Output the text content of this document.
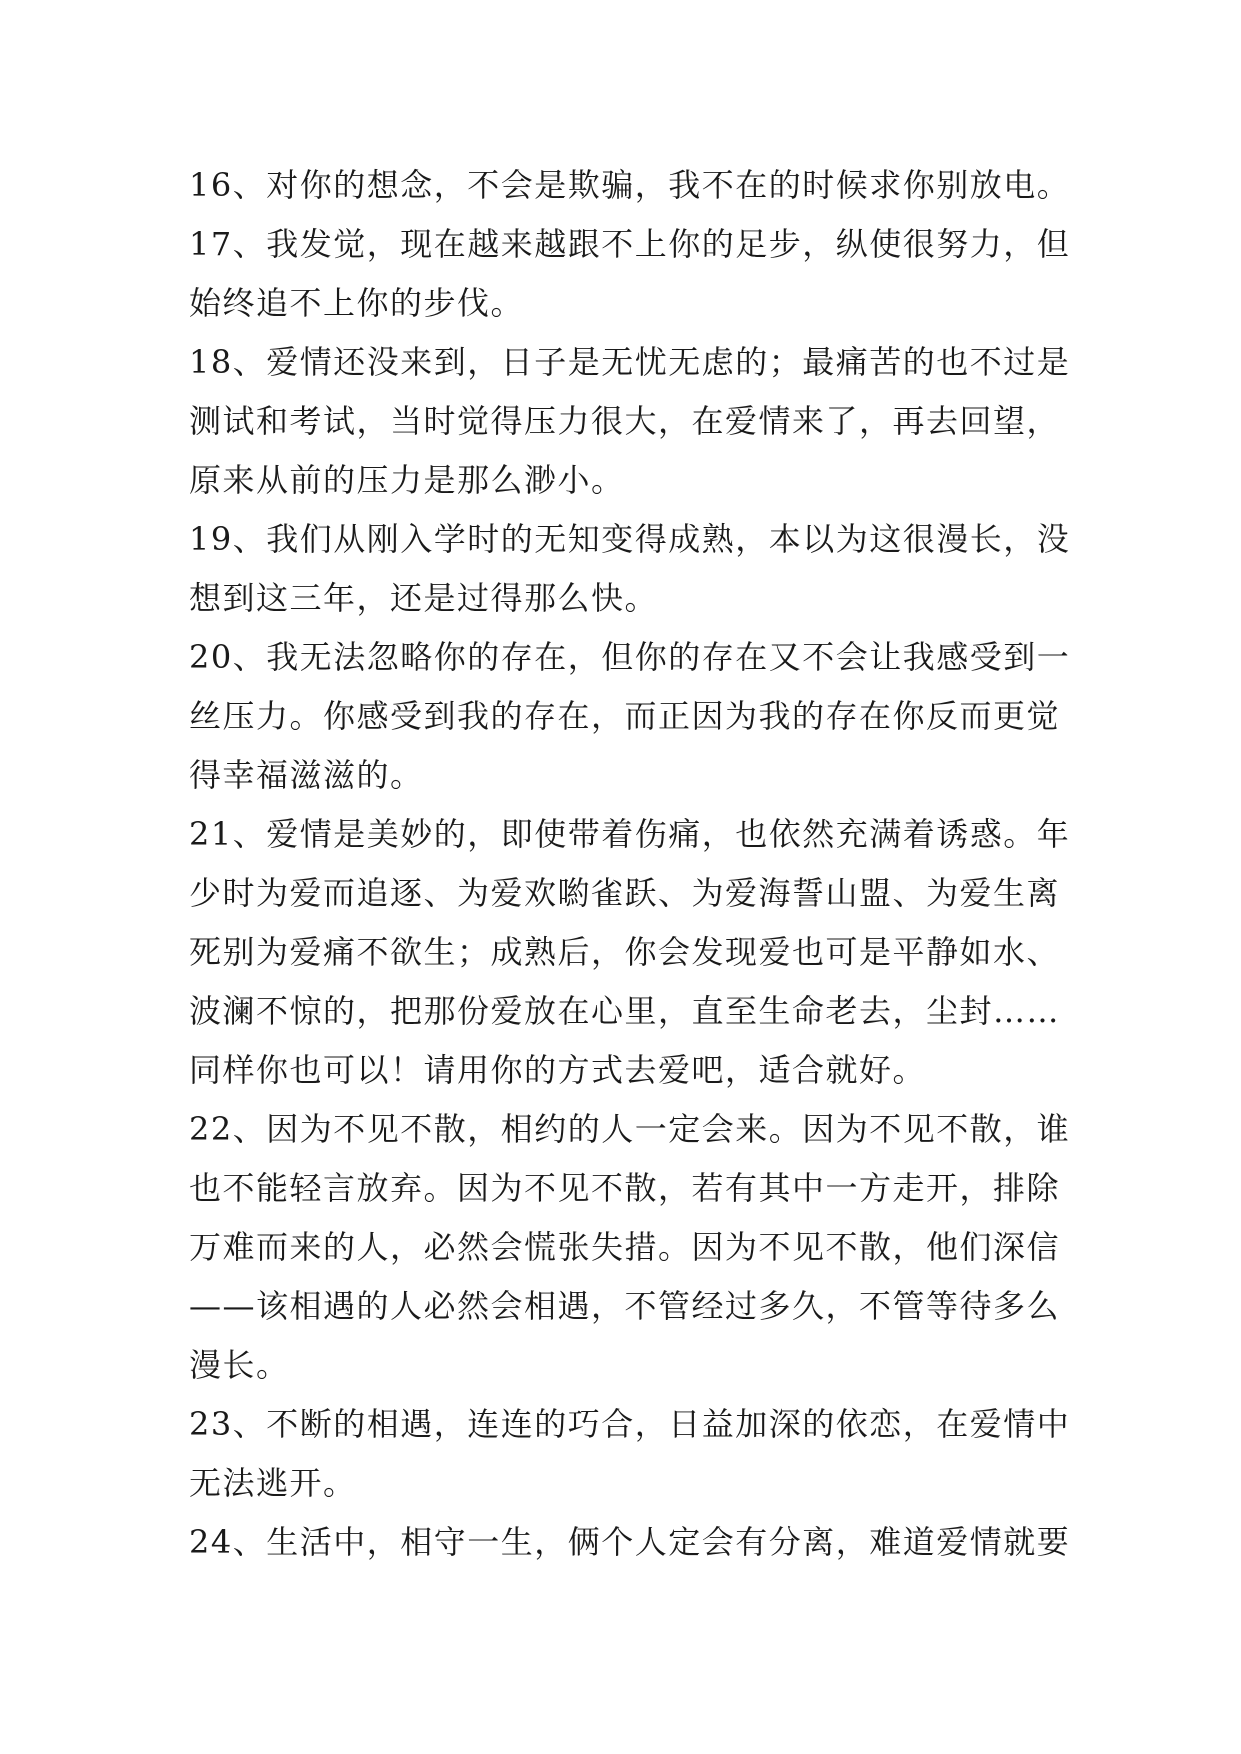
16、对你的想念，不会是欺骗，我不在的时候求你别放电。
17、我发觉，现在越来越跟不上你的足步，纵使很努力，但
始终追不上你的步伐。
18、爱情还没来到，日子是无忧无虑的；最痛苦的也不过是
测试和考试，当时觉得压力很大，在爱情来了，再去回望，
原来从前的压力是那么渺小。
19、我们从刚入学时的无知变得成熟，本以为这很漫长，没
想到这三年，还是过得那么快。
20、我无法忽略你的存在，但你的存在又不会让我感受到一
丝压力。你感受到我的存在，而正因为我的存在你反而更觉
得幸福滋滋的。
21、爱情是美妙的，即使带着伤痛，也依然充满着诱惑。年
少时为爱而追逐、为爱欢喲雀跃、为爱海誓山盟、为爱生离
死别为爱痛不欲生；成熟后，你会发现爱也可是平静如水、
波澜不惊的，把那份爱放在心里，直至生命老去，尘封……
同样你也可以！请用你的方式去爱吧，适合就好。
22、因为不见不散，相约的人一定会来。因为不见不散，谁
也不能轻言放弃。因为不见不散，若有其中一方走开，排除
万难而来的人，必然会慌张失措。因为不见不散，他们深信
——该相遇的人必然会相遇，不管经过多久，不管等待多么
漫长。
23、不断的相遇，连连的巧合，日益加深的依恋，在爱情中
无法逃开。
24、生活中，相守一生，俩个人定会有分离，难道爱情就要
